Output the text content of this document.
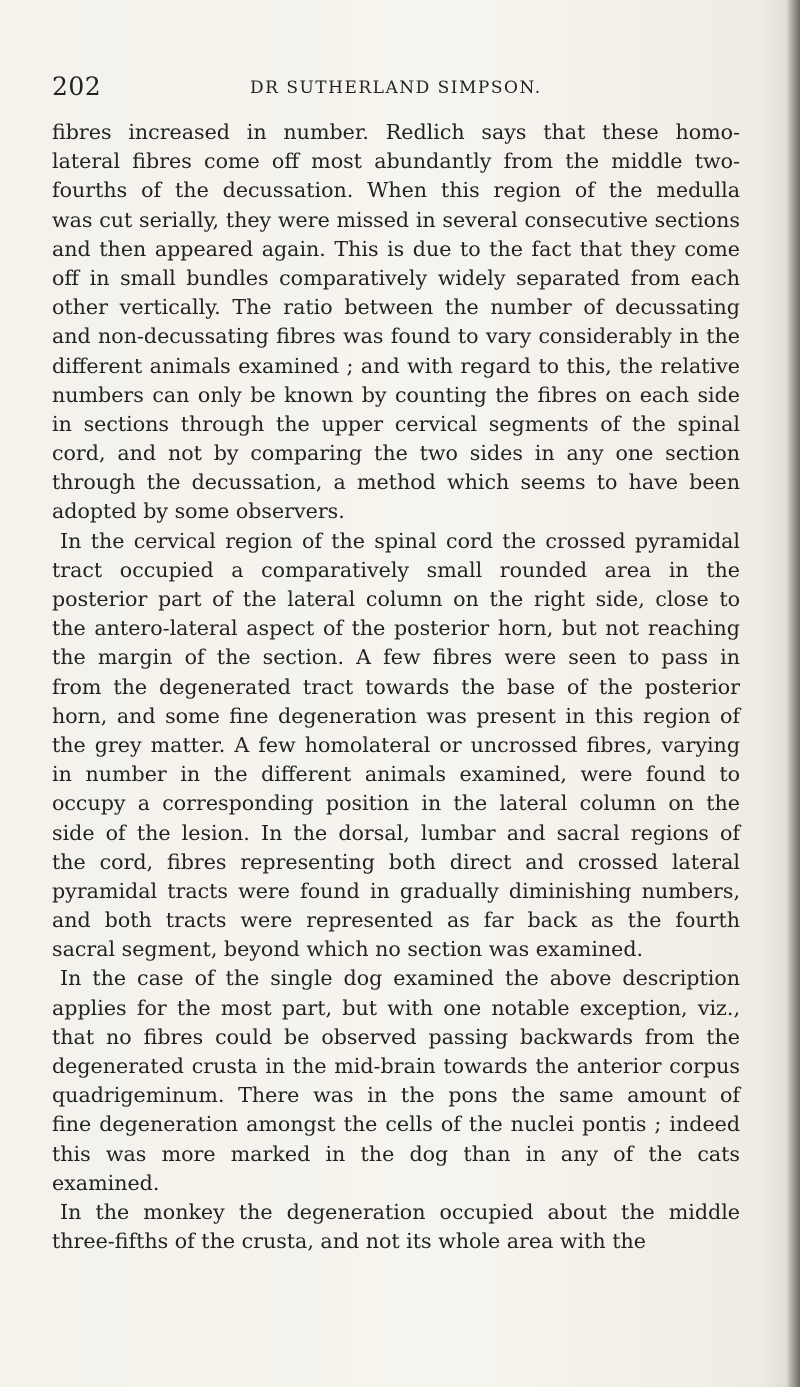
202	DR SUTHERLAND SIMPSON.
fibres increased in number. Redlich says that these homo-
lateral fibres come off most abundantly from the middle two-
fourths of the decussation. When this region of the medulla
was cut serially, they were missed in several consecutive sections
and then appeared again. This is due to the fact that they come
off in small bundles comparatively widely separated from each
other vertically. The ratio between the number of decussating
and non-decussating fibres was found to vary considerably in the
different animals examined ; and with regard to this, the relative
numbers can only be known by counting the fibres on each side
in sections through the upper cervical segments of the spinal
cord, and not by comparing the two sides in any one section
through the decussation, a method which seems to have been
adopted by some observers.
In the cervical region of the spinal cord the crossed pyramidal
tract occupied a comparatively small rounded area in the
posterior part of the lateral column on the right side, close to
the antero-lateral aspect of the posterior horn, but not reaching
the margin of the section. A few fibres were seen to pass in
from the degenerated tract towards the base of the posterior
horn, and some fine degeneration was present in this region of
the grey matter. A few homolateral or uncrossed fibres, varying
in number in the different animals examined, were found to
occupy a corresponding position in the lateral column on the
side of the lesion. In the dorsal, lumbar and sacral regions of
the cord, fibres representing both direct and crossed lateral
pyramidal tracts were found in gradually diminishing numbers,
and both tracts were represented as far back as the fourth
sacral segment, beyond which no section was examined.
In the case of the single dog examined the above description
applies for the most part, but with one notable exception, viz.,
that no fibres could be observed passing backwards from the
degenerated crusta in the mid-brain towards the anterior corpus
quadrigeminum. There was in the pons the same amount of
fine degeneration amongst the cells of the nuclei pontis ; indeed
this was more marked in the dog than in any of the cats
examined.
In the monkey the degeneration occupied about the middle
three-fifths of the crusta, and not its whole area with the
